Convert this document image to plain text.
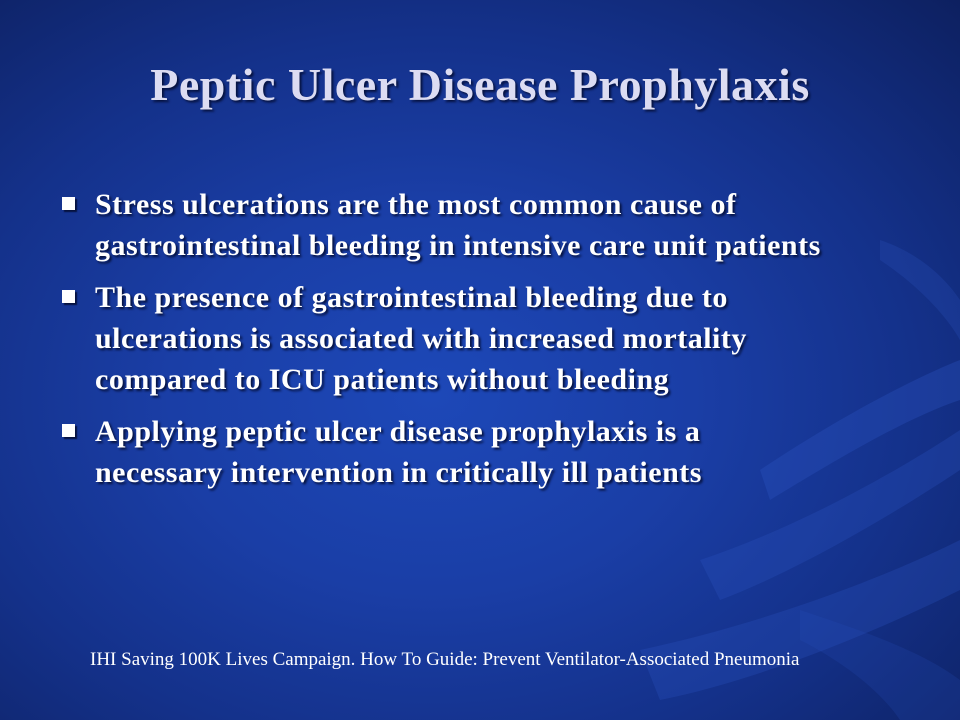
Peptic Ulcer Disease Prophylaxis
Stress ulcerations are the most common cause of gastrointestinal bleeding in intensive care unit patients
The presence of gastrointestinal bleeding due to ulcerations is associated with increased mortality compared to ICU patients without bleeding
Applying peptic ulcer disease prophylaxis is a necessary intervention in critically ill patients

IHI Saving 100K Lives Campaign. How To Guide: Prevent Ventilator-Associated Pneumonia
